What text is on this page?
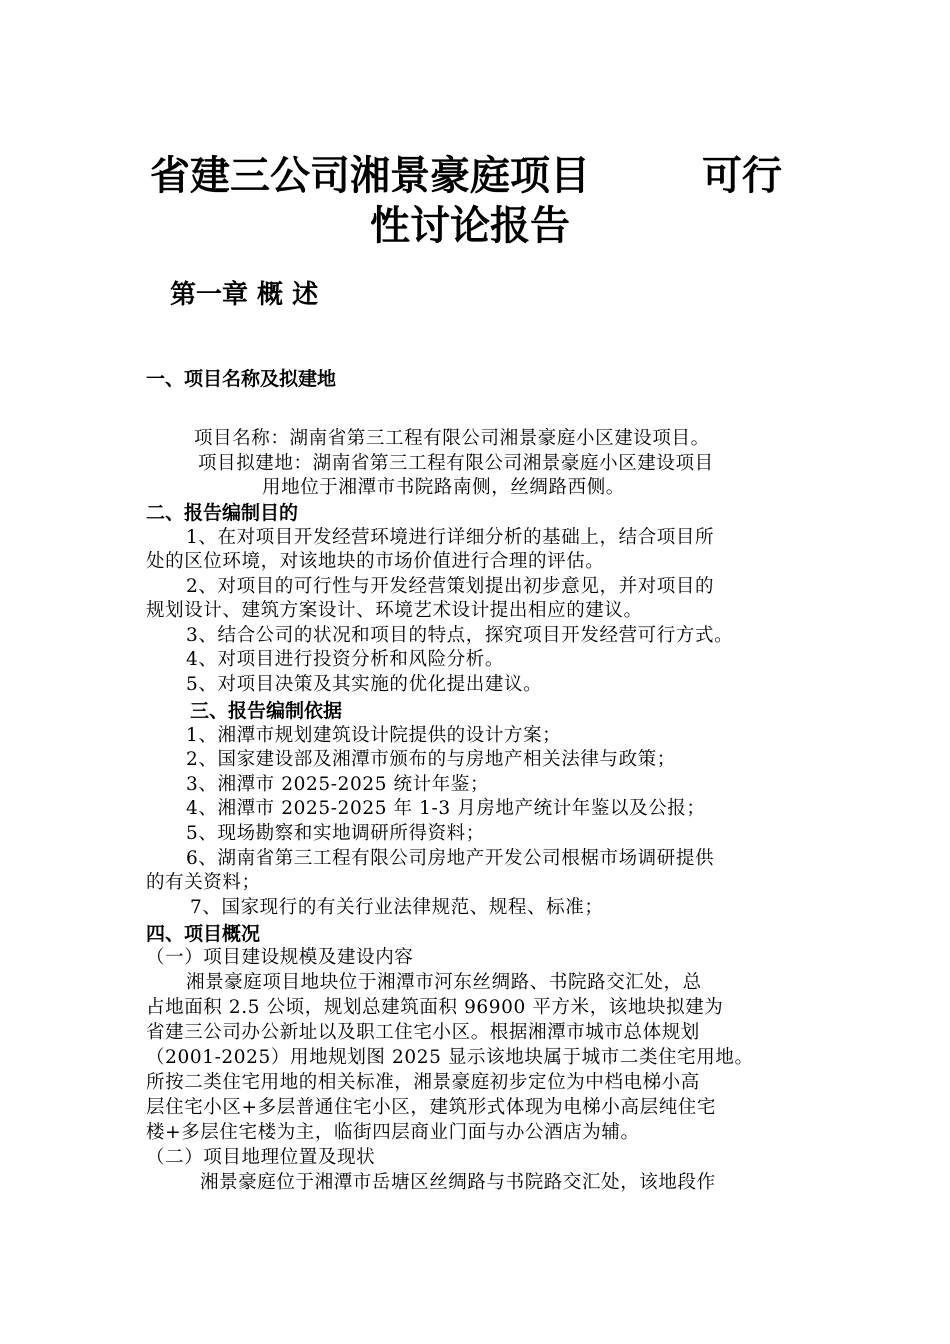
省建三公司湘景豪庭项目	可行
性讨论报告
第一章 概 述
一、项目名称及拟建地
项目名称：湖南省第三工程有限公司湘景豪庭小区建设项目。
项目拟建地：湖南省第三工程有限公司湘景豪庭小区建设项目
用地位于湘潭市书院路南侧，丝绸路西侧。
二、报告编制目的
1、在对项目开发经营环境进行详细分析的基础上，结合项目所
处的区位环境，对该地块的市场价值进行合理的评估。
2、对项目的可行性与开发经营策划提出初步意见，并对项目的
规划设计、建筑方案设计、环境艺术设计提出相应的建议。
3、结合公司的状况和项目的特点，探究项目开发经营可行方式。
4、对项目进行投资分析和风险分析。
5、对项目决策及其实施的优化提出建议。
三、报告编制依据
1、湘潭市规划建筑设计院提供的设计方案；
2、国家建设部及湘潭市颁布的与房地产相关法律与政策；
3、湘潭市 2025-2025 统计年鉴；
4、湘潭市 2025-2025 年 1-3 月房地产统计年鉴以及公报；
5、现场勘察和实地调研所得资料；
6、湖南省第三工程有限公司房地产开发公司根椐市场调研提供
的有关资料；
7、国家现行的有关行业法律规范、规程、标准；
四、项目概况
（一）项目建设规模及建设内容
湘景豪庭项目地块位于湘潭市河东丝绸路、书院路交汇处，总
占地面积 2.5 公顷，规划总建筑面积 96900 平方米，该地块拟建为
省建三公司办公新址以及职工住宅小区。根据湘潭市城市总体规划
（2001-2025）用地规划图 2025 显示该地块属于城市二类住宅用地。
所按二类住宅用地的相关标准，湘景豪庭初步定位为中档电梯小高
层住宅小区+多层普通住宅小区，建筑形式体现为电梯小高层纯住宅
楼+多层住宅楼为主，临街四层商业门面与办公酒店为辅。
（二）项目地理位置及现状
湘景豪庭位于湘潭市岳塘区丝绸路与书院路交汇处，该地段作
